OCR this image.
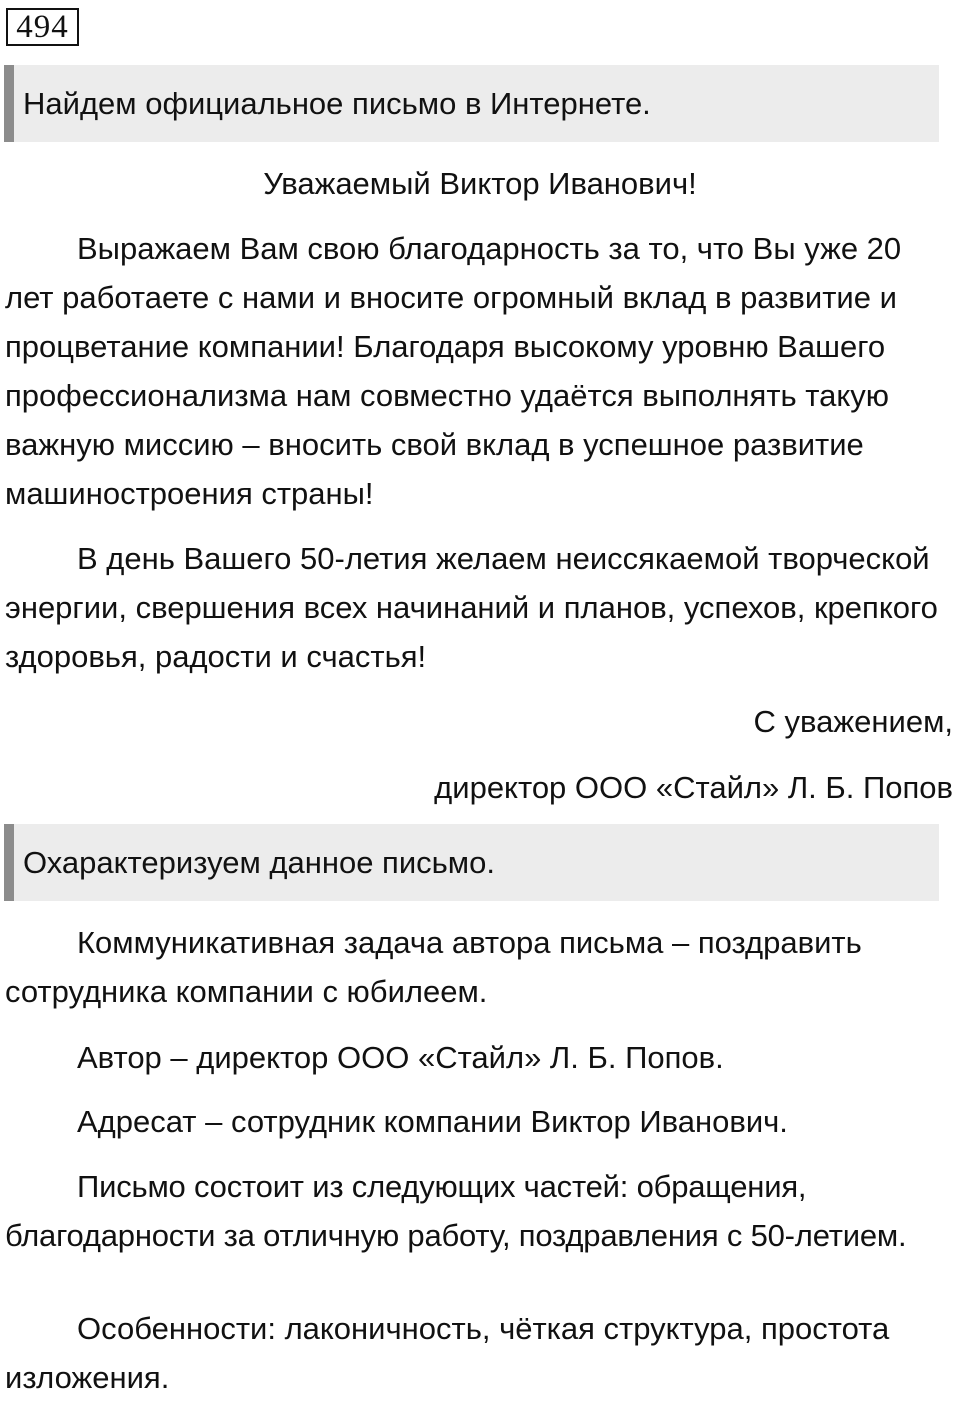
494
Найдем официальное письмо в Интернете.
Уважаемый Виктор Иванович!

Выражаем Вам свою благодарность за то, что Вы уже 20 лет работаете с нами и вносите огромный вклад в развитие и процветание компании! Благодаря высокому уровню Вашего профессионализма нам совместно удаётся выполнять такую важную миссию – вносить свой вклад в успешное развитие машиностроения страны!

В день Вашего 50-летия желаем неиссякаемой творческой энергии, свершения всех начинаний и планов, успехов, крепкого здоровья, радости и счастья!

С уважением,
директор ООО «Стайл» Л. Б. Попов
Охарактеризуем данное письмо.

Коммуникативная задача автора письма – поздравить сотрудника компании с юбилеем.

Автор – директор ООО «Стайл» Л. Б. Попов.

Адресат – сотрудник компании Виктор Иванович.

Письмо состоит из следующих частей: обращения, благодарности за отличную работу, поздравления с 50-летием.

Особенности: лаконичность, чёткая структура, простота изложения.
